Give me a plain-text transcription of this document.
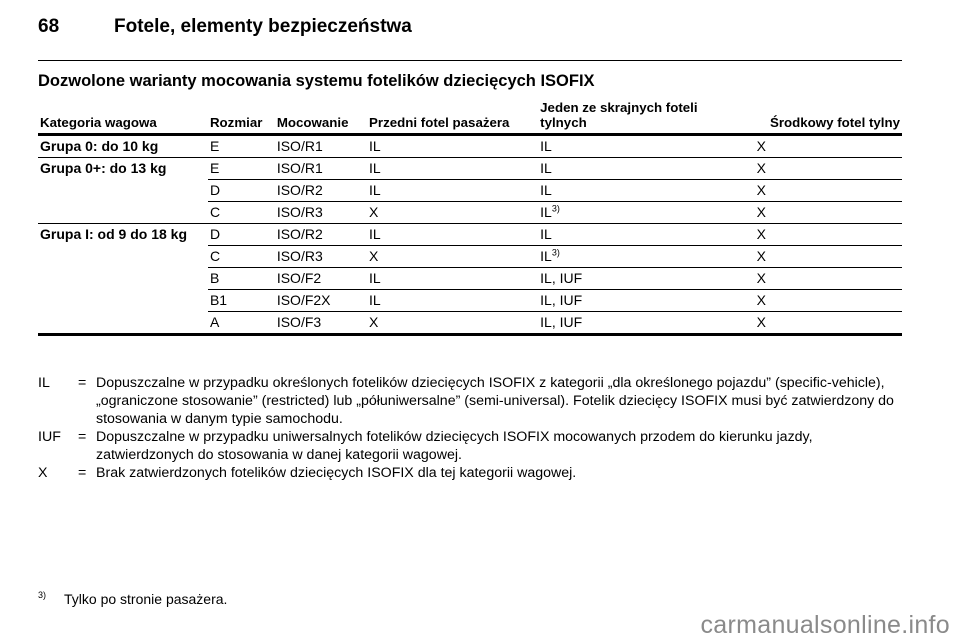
68	Fotele, elementy bezpieczeństwa
Dozwolone warianty mocowania systemu fotelików dziecięcych ISOFIX
Kategoria wagowa	Rozmiar	Mocowanie	Przedni fotel pasażera	Jeden ze skrajnych foteli tylnych	Środkowy fotel tylny
Grupa 0: do 10 kg	E	ISO/R1	IL	IL	X
Grupa 0+: do 13 kg	E	ISO/R1	IL	IL	X
	D	ISO/R2	IL	IL	X
	C	ISO/R3	X	IL$^{3)}$	X
Grupa I: od 9 do 18 kg	D	ISO/R2	IL	IL	X
	C	ISO/R3	X	IL$^{3)}$	X
	B	ISO/F2	IL	IL, IUF	X
	B1	ISO/F2X	IL	IL, IUF	X
	A	ISO/F3	X	IL, IUF	X
IL	= Dopuszczalne w przypadku określonych fotelików dziecięcych ISOFIX z kategorii „dla określonego pojazdu” (specific-vehicle), „ograniczone stosowanie” (restricted) lub „półuniwersalne” (semi-universal). Fotelik dziecięcy ISOFIX musi być zatwierdzony do stosowania w danym typie samochodu.
IUF	= Dopuszczalne w przypadku uniwersalnych fotelików dziecięcych ISOFIX mocowanych przodem do kierunku jazdy, zatwierdzonych do stosowania w danej kategorii wagowej.
X	= Brak zatwierdzonych fotelików dziecięcych ISOFIX dla tej kategorii wagowej.
$^{3)}$ Tylko po stronie pasażera.
carmanualsonline.info
